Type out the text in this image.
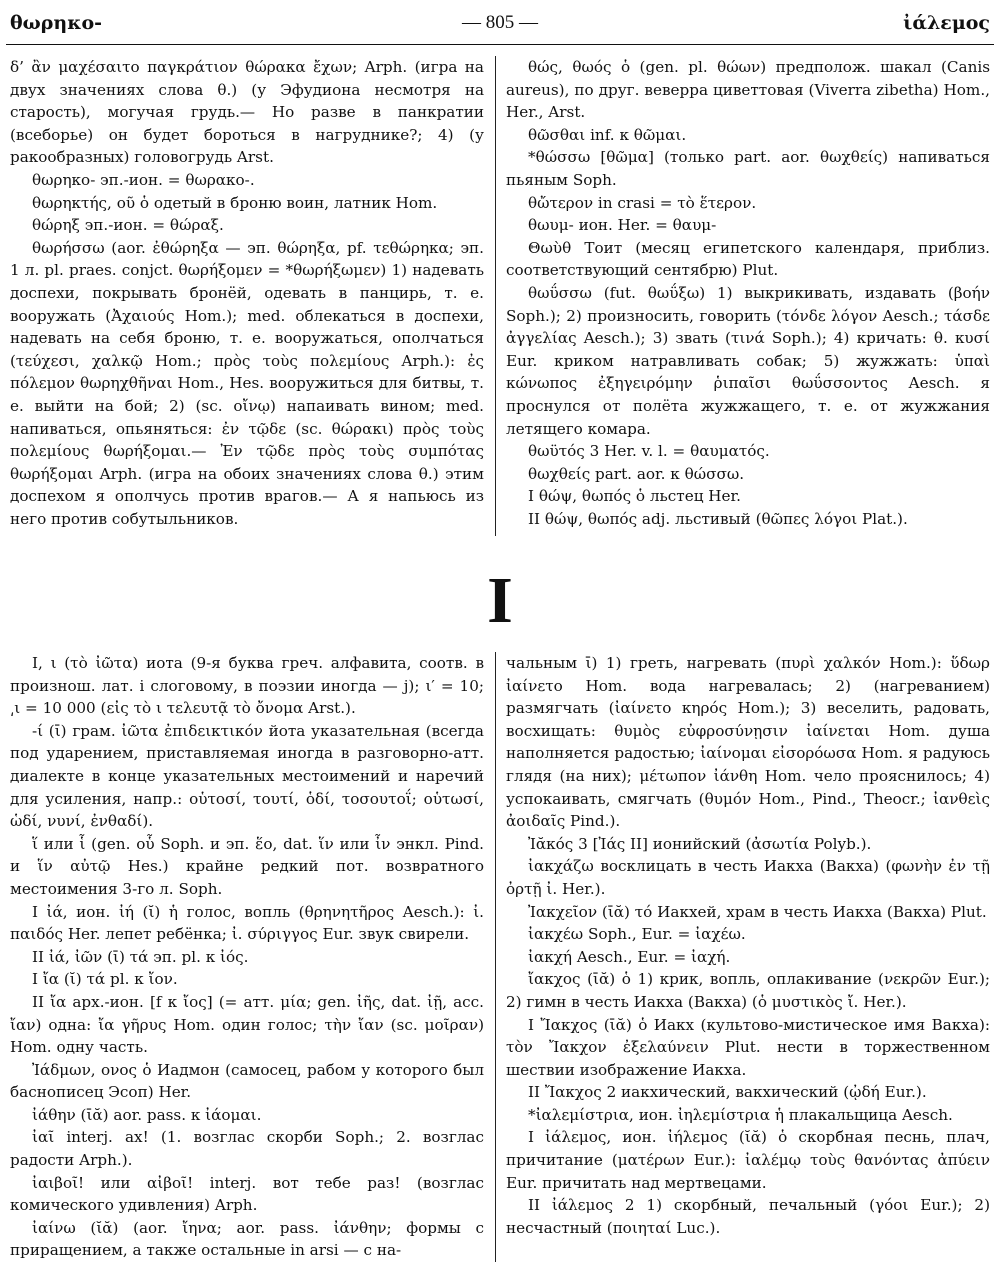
θωρηκο-	— 805 —	ἰάλεμος

δ’ ἂν μαχέσαιτο παγκράτιον θώρακα ἔχων; Arph. (игра на двух значениях слова θ.) (у Эфудиона несмотря на старость), могучая грудь.— Но разве в панкратии (всеборье) он будет бороться в нагруднике?; 4) (у ракообразных) головогрудь Arst.

θωρηκο- эп.-ион. = θωρακο-.

θωρηκτής, οῦ ὁ одетый в броню воин, латник Hom.

θώρηξ эп.-ион. = θώραξ.

θωρήσσω (aor. ἐθώρηξα — эп. θώρηξα, pf. τεθώρηκα; эп. 1 л. pl. praes. conjct. θωρήξομεν = *θωρήξωμεν) 1) надевать доспехи, покрывать бронёй, одевать в панцирь, т. е. вооружать (Ἀχαιούς Hom.); med. облекаться в доспехи, надевать на себя броню, т. е. вооружаться, ополчаться (τεύχεσι, χαλκῷ Hom.; πρὸς τοὺς πολεμίους Arph.): ἐς πόλεμον θωρηχθῆναι Hom., Hes. вооружиться для битвы, т. е. выйти на бой; 2) (sc. οἴνῳ) напаивать вином; med. напиваться, опьяняться: ἐν τῷδε (sc. θώρακι) πρὸς τοὺς πολεμίους θωρήξομαι.— Ἐν τῷδε πρὸς τοὺς συμπότας θωρήξομαι Arph. (игра на обоих значениях слова θ.) этим доспехом я ополчусь против врагов.— А я напьюсь из него против собутыльников.

θώς, θωός ὁ (gen. pl. θώων) предполож. шакал (Canis aureus), по друг. веверра циветтовая (Viverra zibetha) Hom., Her., Arst.

θῶσθαι inf. к θῶμαι.

*θώσσω [θῶμα] (только part. aor. θωχθείς) напиваться пьяным Soph.

θὤτερον in crasi = τὸ ἕτερον.

θωυμ- ион. Her. = θαυμ-

Θωὺθ Тоит (месяц египетского календаря, приблиз. соответствующий сентябрю) Plut.

θωΰσσω (fut. θωΰξω) 1) выкрикивать, издавать (βοήν Soph.); 2) произносить, говорить (τόνδε λόγον Aesch.; τάσδε ἀγγελίας Aesch.); 3) звать (τινά Soph.); 4) кричать: θ. κυσί Eur. криком натравливать собак; 5) жужжать: ὑπαὶ κώνωπος ἐξηγειρόμην ῥιπαῖσι θωΰσσοντος Aesch. я проснулся от полёта жужжащего, т. е. от жужжания летящего комара.

θωϋτός 3 Her. v. l. = θαυματός.

θωχθείς part. aor. к θώσσω.

I θώψ, θωπός ὁ льстец Her.

II θώψ, θωπός adj. льстивый (θῶπες λόγοι Plat.).

I

I, ι (τὸ ἰῶτα) иота (9-я буква греч. алфавита, соотв. в произнош. лат. i слоговому, в поэзии иногда — j); ι′ = 10; ͵ι = 10 000 (εἰς τὸ ι τελευτᾷ τὸ ὄνομα Arst.).

-ί (ῑ) грам. ἰῶτα ἐπιδεικτικόν йота указательная (всегда под ударением, приставляемая иногда в разговорно-атт. диалекте в конце указательных местоимений и наречий для усиления, напр.: οὑτοσί, τουτί, ὁδί, τοσουτοΐ; οὑτωσί, ὡδί, νυνί, ἐνθαδί).

ἵ или ἷ (gen. οὗ Soph. и эп. ἕο, dat. ἵν или ἶν энкл. Pind. и ἵν αὐτῷ Hes.) крайне редкий пот. возвратного местоимения 3-го л. Soph.

I ἰά, ион. ἰή (ῐ) ἡ голос, вопль (θρηνητῆρος Aesch.): ἰ. παιδός Her. лепет ребёнка; ἰ. σύριγγος Eur. звук свирели.

II ἰά, ἰῶν (ῑ) τά эп. pl. к ἰός.

I ἴα (ῐ) τά pl. к ἴον.

II ἴα арх.-ион. [f к ἴος] (= атт. μία; gen. ἰῆς, dat. ἰῇ, acc. ἴαν) одна: ἴα γῆρυς Hom. один голос; τὴν ἴαν (sc. μοῖραν) Hom. одну часть.

Ἰάδμων, ονος ὁ Иадмон (самосец, рабом у которого был баснописец Эсоп) Her.

ἰάθην (ῑᾰ) aor. pass. к ἰάομαι.

ἰαῖ interj. ах! (1. возглас скорби Soph.; 2. возглас радости Arph.).

ἰαιβοῖ! или αἰβοῖ! interj. вот тебе раз! (возглас комического удивления) Arph.

ἰαίνω (ῐᾰ) (aor. ἴηνα; aor. pass. ἰάνθην; формы с приращением, а также остальные in arsi — с на-

чальным ῑ) 1) греть, нагревать (πυρὶ χαλκόν Hom.): ὕδωρ ἰαίνετο Hom. вода нагревалась; 2) (нагреванием) размягчать (ἰαίνετο κηρός Hom.); 3) веселить, радовать, восхищать: θυμὸς εὐφροσύνῃσιν ἰαίνεται Hom. душа наполняется радостью; ἰαίνομαι εἰσορόωσα Hom. я радуюсь глядя (на них); μέτωπον ἰάνθη Hom. чело прояснилось; 4) успокаивать, смягчать (θυμόν Hom., Pind., Theocr.; ἰανθεὶς ἀοιδαῖς Pind.).

Ἰᾰκός 3 [Ἰάς II] ионийский (ἀσωτία Polyb.).

ἰακχάζω восклицать в честь Иакха (Вакха) (φωνὴν ἐν τῇ ὀρτῇ ἰ. Her.).

Ἰακχεῖον (ῑᾰ) τό Иакхей, храм в честь Иакха (Вакха) Plut.

ἰακχέω Soph., Eur. = ἰαχέω.

ἰακχή Aesch., Eur. = ἰαχή.

ἴακχος (ῑᾰ) ὁ 1) крик, вопль, оплакивание (νεκρῶν Eur.); 2) гимн в честь Иакха (Вакха) (ὁ μυστικὸς ἴ. Her.).

I Ἴακχος (ῑᾰ) ὁ Иакх (культово-мистическое имя Вакха): τὸν Ἴακχον ἐξελαύνειν Plut. нести в торжественном шествии изображение Иакха.

II Ἴακχος 2 иакхический, вакхический (ᾠδή Eur.).

*ἰαλεμίστρια, ион. ἰηλεμίστρια ἡ плакальщица Aesch.

I ἰάλεμος, ион. ἰήλεμος (ῐᾰ) ὁ скорбная песнь, плач, причитание (ματέρων Eur.): ἰαλέμῳ τοὺς θανόντας ἀπύειν Eur. причитать над мертвецами.

II ἰάλεμος 2 1) скорбный, печальный (γόοι Eur.); 2) несчастный (ποιηταί Luc.).
